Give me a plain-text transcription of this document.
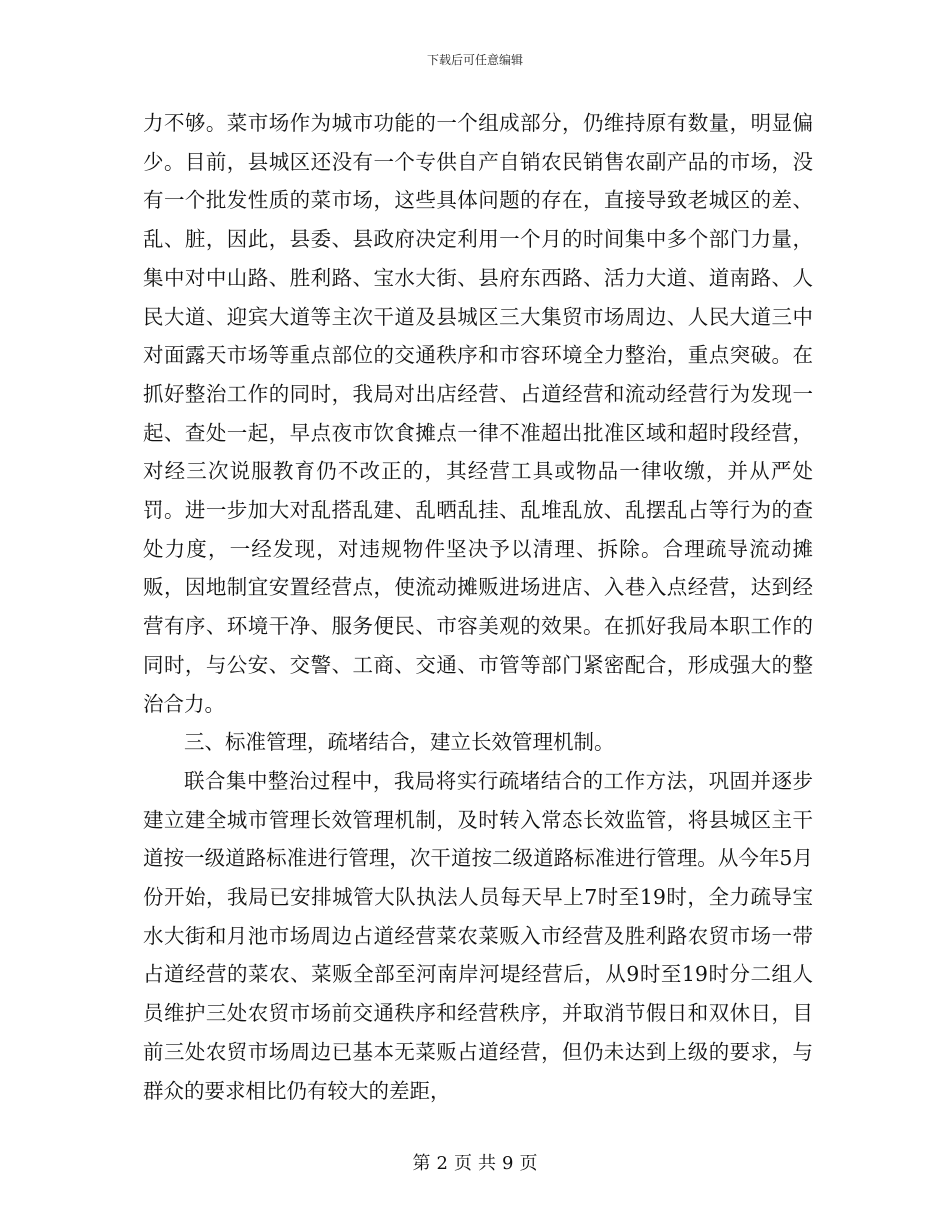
下载后可任意编辑

力不够。菜市场作为城市功能的一个组成部分，仍维持原有数量，明显偏少。目前，县城区还没有一个专供自产自销农民销售农副产品的市场，没有一个批发性质的菜市场，这些具体问题的存在，直接导致老城区的差、乱、脏，因此，县委、县政府决定利用一个月的时间集中多个部门力量，集中对中山路、胜利路、宝水大街、县府东西路、活力大道、道南路、人民大道、迎宾大道等主次干道及县城区三大集贸市场周边、人民大道三中对面露天市场等重点部位的交通秩序和市容环境全力整治，重点突破。在抓好整治工作的同时，我局对出店经营、占道经营和流动经营行为发现一起、查处一起，早点夜市饮食摊点一律不准超出批准区域和超时段经营，对经三次说服教育仍不改正的，其经营工具或物品一律收缴，并从严处罚。进一步加大对乱搭乱建、乱晒乱挂、乱堆乱放、乱摆乱占等行为的查处力度，一经发现，对违规物件坚决予以清理、拆除。合理疏导流动摊贩，因地制宜安置经营点，使流动摊贩进场进店、入巷入点经营，达到经营有序、环境干净、服务便民、市容美观的效果。在抓好我局本职工作的同时，与公安、交警、工商、交通、市管等部门紧密配合，形成强大的整治合力。

三、标准管理，疏堵结合，建立长效管理机制。

联合集中整治过程中，我局将实行疏堵结合的工作方法，巩固并逐步建立建全城市管理长效管理机制，及时转入常态长效监管，将县城区主干道按一级道路标准进行管理，次干道按二级道路标准进行管理。从今年5月份开始，我局已安排城管大队执法人员每天早上7时至19时，全力疏导宝水大街和月池市场周边占道经营菜农菜贩入市经营及胜利路农贸市场一带占道经营的菜农、菜贩全部至河南岸河堤经营后，从9时至19时分二组人员维护三处农贸市场前交通秩序和经营秩序，并取消节假日和双休日，目前三处农贸市场周边已基本无菜贩占道经营，但仍未达到上级的要求，与群众的要求相比仍有较大的差距，

第 2 页 共 9 页
